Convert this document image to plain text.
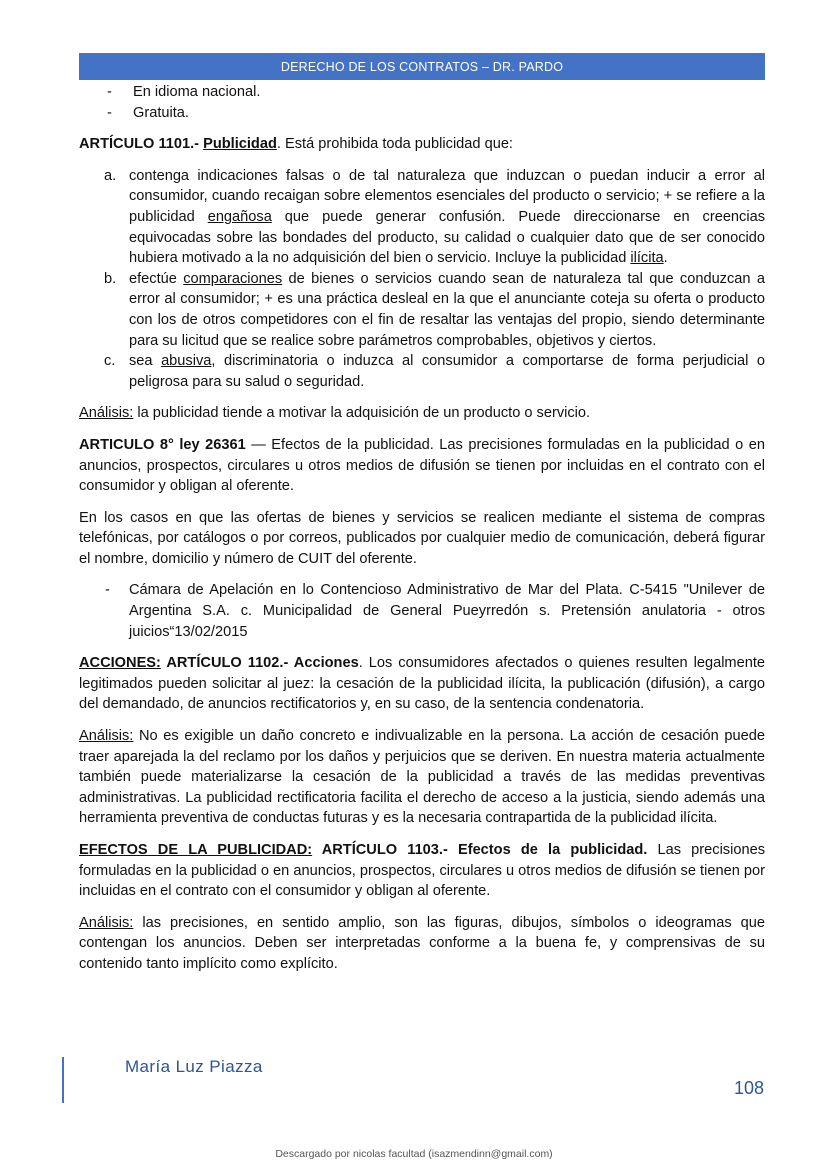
DERECHO DE LOS CONTRATOS – DR. PARDO
- En idioma nacional.
- Gratuita.

ARTÍCULO 1101.- Publicidad. Está prohibida toda publicidad que:

a. contenga indicaciones falsas o de tal naturaleza que induzcan o puedan inducir a error al consumidor, cuando recaigan sobre elementos esenciales del producto o servicio; + se refiere a la publicidad engañosa que puede generar confusión. Puede direccionarse en creencias equivocadas sobre las bondades del producto, su calidad o cualquier dato que de ser conocido hubiera motivado a la no adquisición del bien o servicio. Incluye la publicidad ilícita.
b. efectúe comparaciones de bienes o servicios cuando sean de naturaleza tal que conduzcan a error al consumidor; + es una práctica desleal en la que el anunciante coteja su oferta o producto con los de otros competidores con el fin de resaltar las ventajas del propio, siendo determinante para su licitud que se realice sobre parámetros comprobables, objetivos y ciertos.
c. sea abusiva, discriminatoria o induzca al consumidor a comportarse de forma perjudicial o peligrosa para su salud o seguridad.

Análisis: la publicidad tiende a motivar la adquisición de un producto o servicio.

ARTICULO 8° ley 26361 — Efectos de la publicidad. Las precisiones formuladas en la publicidad o en anuncios, prospectos, circulares u otros medios de difusión se tienen por incluidas en el contrato con el consumidor y obligan al oferente.

En los casos en que las ofertas de bienes y servicios se realicen mediante el sistema de compras telefónicas, por catálogos o por correos, publicados por cualquier medio de comunicación, deberá figurar el nombre, domicilio y número de CUIT del oferente.

- Cámara de Apelación en lo Contencioso Administrativo de Mar del Plata. C-5415 "Unilever de Argentina S.A. c. Municipalidad de General Pueyrredón s. Pretensión anulatoria - otros juicios“13/02/2015

ACCIONES: ARTÍCULO 1102.- Acciones. Los consumidores afectados o quienes resulten legalmente legitimados pueden solicitar al juez: la cesación de la publicidad ilícita, la publicación (difusión), a cargo del demandado, de anuncios rectificatorios y, en su caso, de la sentencia condenatoria.

Análisis: No es exigible un daño concreto e indivualizable en la persona. La acción de cesación puede traer aparejada la del reclamo por los daños y perjuicios que se deriven. En nuestra materia actualmente también puede materializarse la cesación de la publicidad a través de las medidas preventivas administrativas. La publicidad rectificatoria facilita el derecho de acceso a la justicia, siendo además una herramienta preventiva de conductas futuras y es la necesaria contrapartida de la publicidad ilícita.

EFECTOS DE LA PUBLICIDAD: ARTÍCULO 1103.- Efectos de la publicidad. Las precisiones formuladas en la publicidad o en anuncios, prospectos, circulares u otros medios de difusión se tienen por incluidas en el contrato con el consumidor y obligan al oferente.

Análisis: las precisiones, en sentido amplio, son las figuras, dibujos, símbolos o ideogramas que contengan los anuncios. Deben ser interpretadas conforme a la buena fe, y comprensivas de su contenido tanto implícito como explícito.

María Luz Piazza
108
Descargado por nicolas facultad (isazmendinn@gmail.com)
